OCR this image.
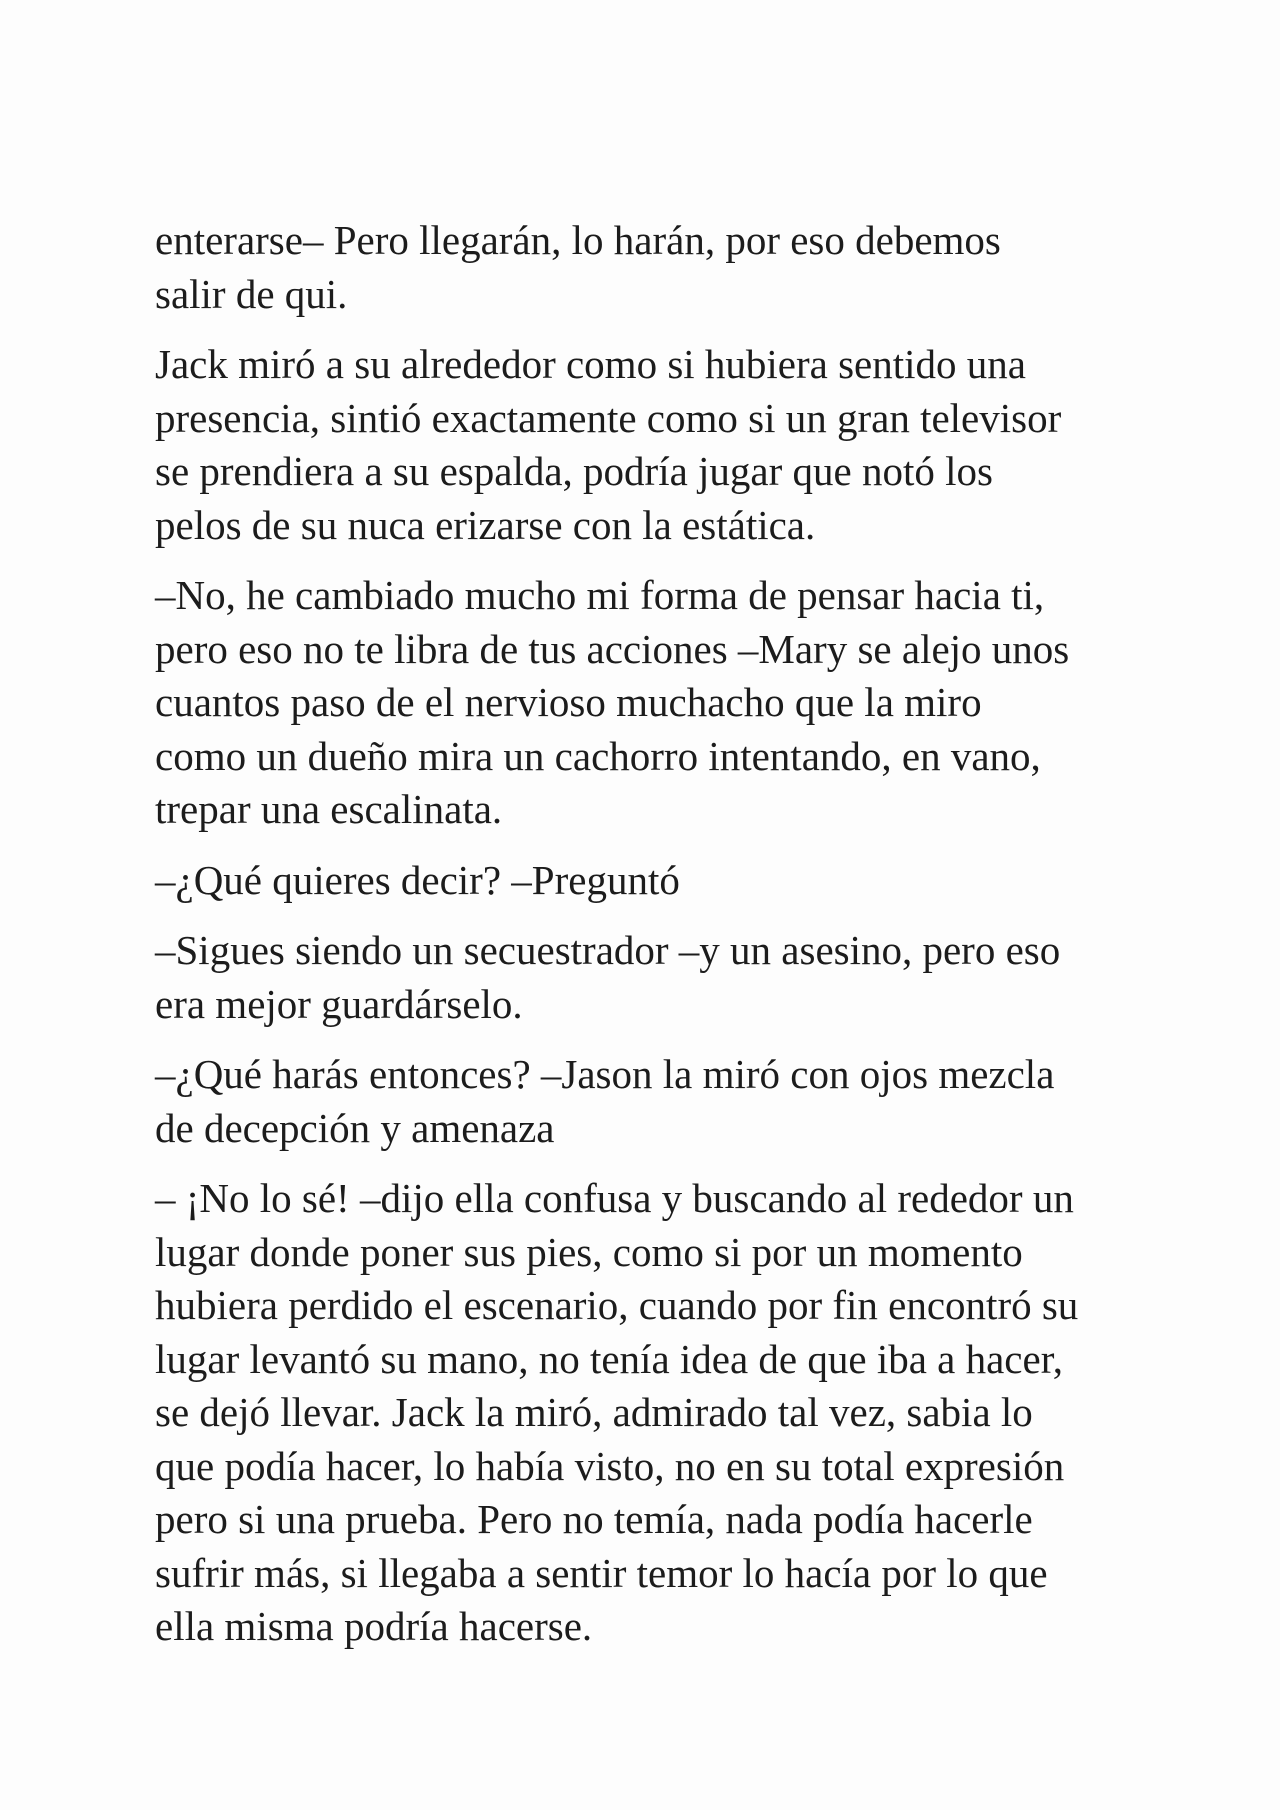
enterarse– Pero llegarán, lo harán, por eso debemos
salir de qui.
Jack miró a su alrededor como si hubiera sentido una
presencia, sintió exactamente como si un gran televisor
se prendiera a su espalda, podría jugar que notó los
pelos de su nuca erizarse con la estática.
–No, he cambiado mucho mi forma de pensar hacia ti,
pero eso no te libra de tus acciones –Mary se alejo unos
cuantos paso de el nervioso muchacho que la miro
como un dueño mira un cachorro intentando, en vano,
trepar una escalinata.
–¿Qué quieres decir? –Preguntó
–Sigues siendo un secuestrador –y un asesino, pero eso
era mejor guardárselo.
–¿Qué harás entonces? –Jason la miró con ojos mezcla
de decepción y amenaza
– ¡No lo sé! –dijo ella confusa y buscando al rededor un
lugar donde poner sus pies, como si por un momento
hubiera perdido el escenario, cuando por fin encontró su
lugar levantó su mano, no tenía idea de que iba a hacer,
se dejó llevar. Jack la miró, admirado tal vez, sabia lo
que podía hacer, lo había visto, no en su total expresión
pero si una prueba. Pero no temía, nada podía hacerle
sufrir más, si llegaba a sentir temor lo hacía por lo que
ella misma podría hacerse.
